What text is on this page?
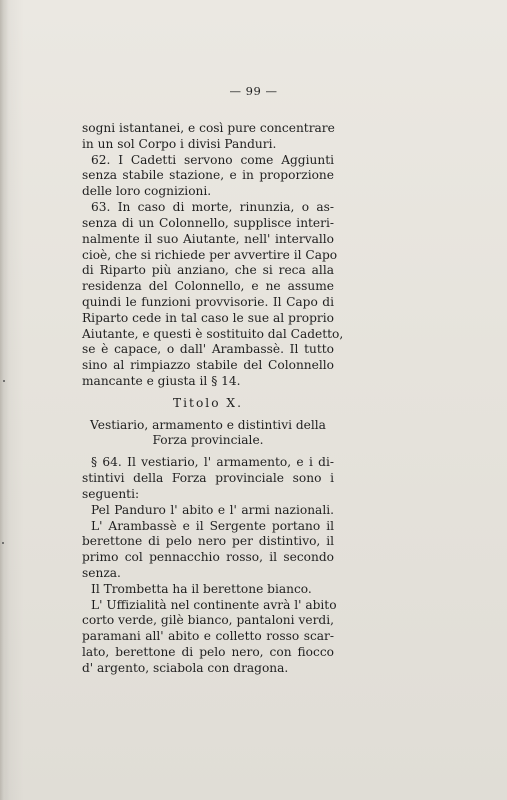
— 99 —
sogni istantanei, e così pure concentrare
in un sol Corpo i divisi Panduri.
62. I Cadetti servono come Aggiunti
senza stabile stazione, e in proporzione
delle loro cognizioni.
63. In caso di morte, rinunzia, o as-
senza di un Colonnello, supplisce interi-
nalmente il suo Aiutante, nell' intervallo
cioè, che si richiede per avvertire il Capo
di Riparto più anziano, che si reca alla
residenza del Colonnello, e ne assume
quindi le funzioni provvisorie. Il Capo di
Riparto cede in tal caso le sue al proprio
Aiutante, e questi è sostituito dal Cadetto,
se è capace, o dall' Arambassè. Il tutto
sino al rimpiazzo stabile del Colonnello
mancante e giusta il § 14.
Titolo X.
Vestiario, armamento e distintivi della
Forza provinciale.
§ 64. Il vestiario, l' armamento, e i di-
stintivi della Forza provinciale sono i
seguenti:
Pel Panduro l' abito e l' armi nazionali.
L' Arambassè e il Sergente portano il
berettone di pelo nero per distintivo, il
primo col pennacchio rosso, il secondo
senza.
Il Trombetta ha il berettone bianco.
L' Uffizialità nel continente avrà l' abito
corto verde, gilè bianco, pantaloni verdi,
paramani all' abito e colletto rosso scar-
lato, berettone di pelo nero, con fiocco
d' argento, sciabola con dragona.
